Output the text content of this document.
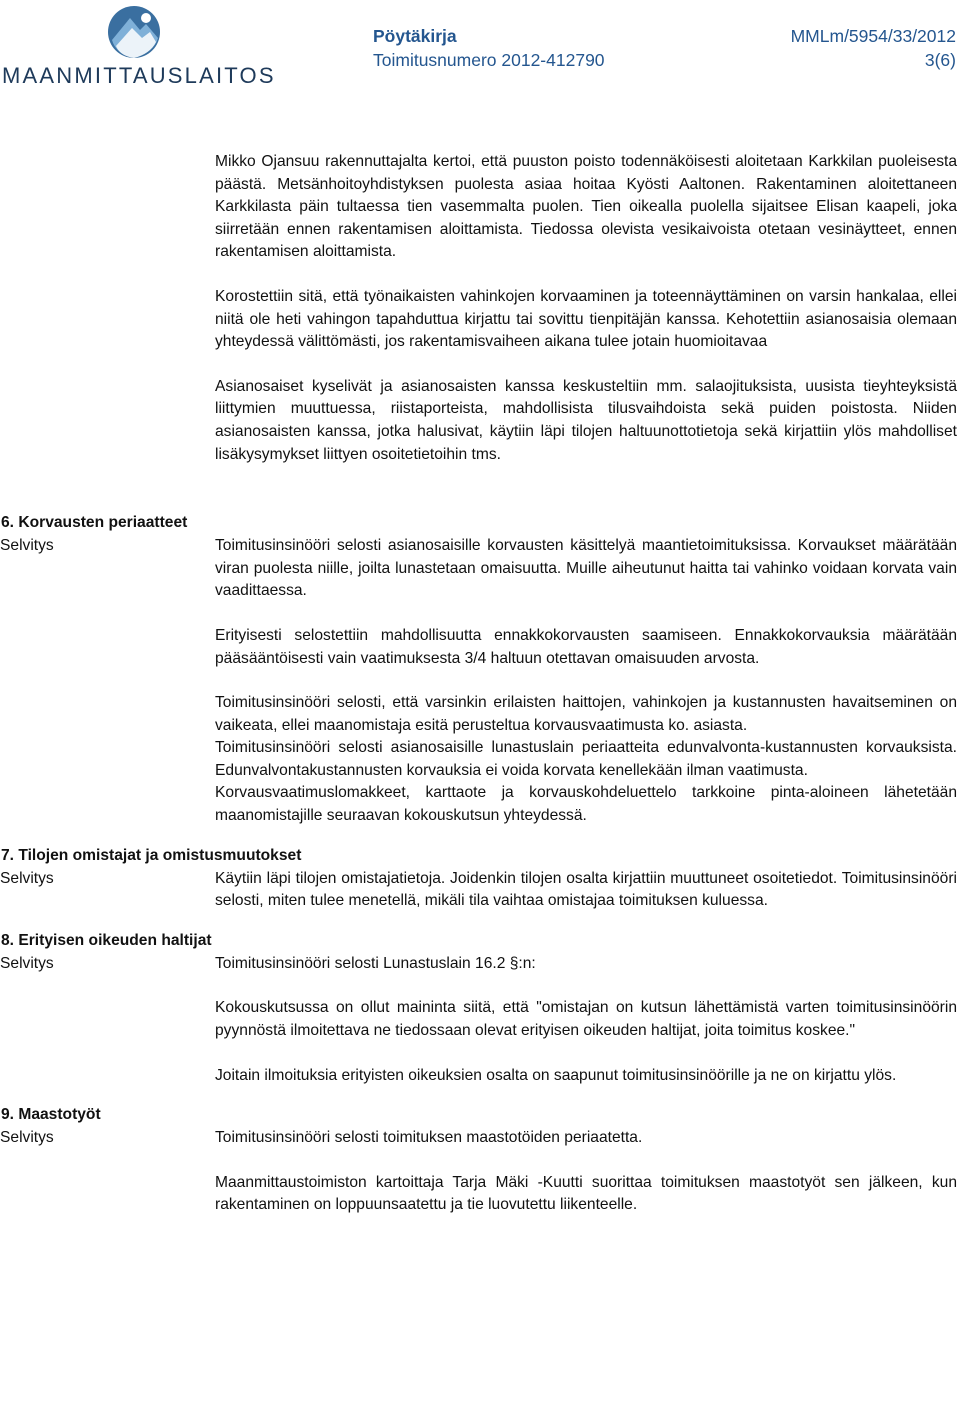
MAANMITTAUSLAITOS
Pöytäkirja	MMLm/5954/33/2012
Toimitusnumero 2012-412790	3(6)

Mikko Ojansuu rakennuttajalta kertoi, että puuston poisto todennäköisesti aloitetaan Karkkilan puoleisesta päästä. Metsänhoitoyhdistyksen puolesta asiaa hoitaa Kyösti Aaltonen. Rakentaminen aloitettaneen Karkkilasta päin tultaessa tien vasemmalta puolen. Tien oikealla puolella sijaitsee Elisan kaapeli, joka siirretään ennen rakentamisen aloittamista. Tiedossa olevista vesikaivoista otetaan vesinäytteet, ennen rakentamisen aloittamista.

Korostettiin sitä, että työnaikaisten vahinkojen korvaaminen ja toteennäyttäminen on varsin hankalaa, ellei niitä ole heti vahingon tapahduttua kirjattu tai sovittu tienpitäjän kanssa. Kehotettiin asianosaisia olemaan yhteydessä välittömästi, jos rakentamisvaiheen aikana tulee jotain huomioitavaa

Asianosaiset kyselivät ja asianosaisten kanssa keskusteltiin mm. salaojituksista, uusista tieyhteyksistä liittymien muuttuessa, riistaporteista, mahdollisista tilusvaihdoista sekä puiden poistosta. Niiden asianosaisten kanssa, jotka halusivat, käytiin läpi tilojen haltuunottotietoja sekä kirjattiin ylös mahdolliset lisäkysymykset liittyen osoitetietoihin tms.

6. Korvausten periaatteet
Selvitys	Toimitusinsinööri selosti asianosaisille korvausten käsittelyä maantietoimituksissa. Korvaukset määrätään viran puolesta niille, joilta lunastetaan omaisuutta. Muille aiheutunut haitta tai vahinko voidaan korvata vain vaadittaessa.

Erityisesti selostettiin mahdollisuutta ennakkokorvausten saamiseen. Ennakkokorvauksia määrätään pääsääntöisesti vain vaatimuksesta 3/4 haltuun otettavan omaisuuden arvosta.

Toimitusinsinööri selosti, että varsinkin erilaisten haittojen, vahinkojen ja kustannusten havaitseminen on vaikeata, ellei maanomistaja esitä perusteltua korvausvaatimusta ko. asiasta.

Toimitusinsinööri selosti asianosaisille lunastuslain periaatteita edunvalvonta-kustannusten korvauksista. Edunvalvontakustannusten korvauksia ei voida korvata kenellekään ilman vaatimusta.

Korvausvaatimuslomakkeet, karttaote ja korvauskohdeluettelo tarkkoine pinta-aloineen lähetetään maanomistajille seuraavan kokouskutsun yhteydessä.

7. Tilojen omistajat ja omistusmuutokset
Selvitys	Käytiin läpi tilojen omistajatietoja. Joidenkin tilojen osalta kirjattiin muuttuneet osoitetiedot. Toimitusinsinööri selosti, miten tulee menetellä, mikäli tila vaihtaa omistajaa toimituksen kuluessa.

8. Erityisen oikeuden haltijat
Selvitys	Toimitusinsinööri selosti Lunastuslain 16.2 §:n:

Kokouskutsussa on ollut maininta siitä, että "omistajan on kutsun lähettämistä varten toimitusinsinöörin pyynnöstä ilmoitettava ne tiedossaan olevat erityisen oikeuden haltijat, joita toimitus koskee."

Joitain ilmoituksia erityisten oikeuksien osalta on saapunut toimitusinsinöörille ja ne on kirjattu ylös.

9. Maastotyöt
Selvitys	Toimitusinsinööri selosti toimituksen maastotöiden periaatetta.

Maanmittaustoimiston kartoittaja Tarja Mäki -Kuutti suorittaa toimituksen maastotyöt sen jälkeen, kun rakentaminen on loppuunsaatettu ja tie luovutettu liikenteelle.
